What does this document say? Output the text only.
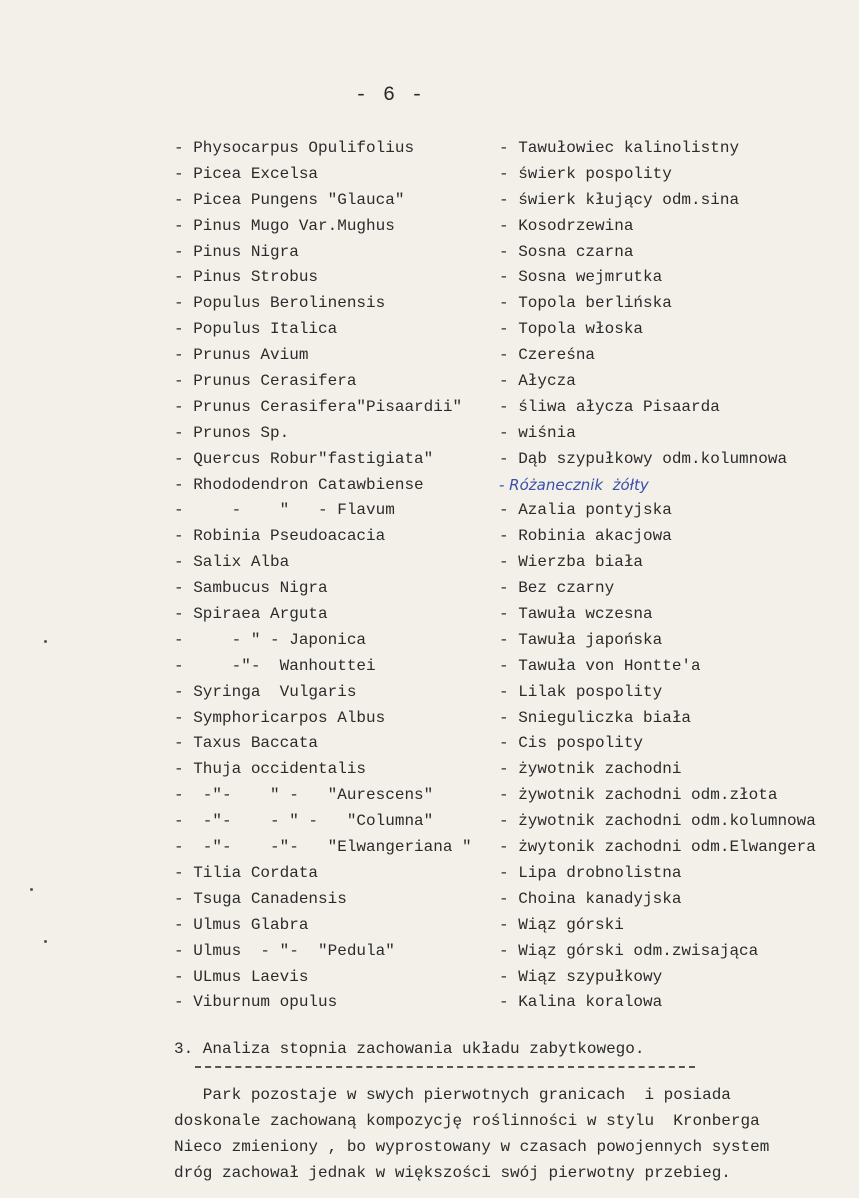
- 6 -
- Physocarpus Opulifolius	- Tawułowiec kalinolistny
- Picea Excelsa	- świerk pospolity
- Picea Pungens "Glauca"	- świerk kłujący odm.sina
- Pinus Mugo Var.Mughus	- Kosodrzewina
- Pinus Nigra	- Sosna czarna
- Pinus Strobus	- Sosna wejmrutka
- Populus Berolinensis	- Topola berlińska
- Populus Italica	- Topola włoska
- Prunus Avium	- Czereśna
- Prunus Cerasifera	- Ałycza
- Prunus Cerasifera"Pisaardii" - śliwa ałycza Pisaarda
- Prunos Sp.	- wiśnia
- Quercus Robur"fastigiata"	- Dąb szypułkowy odm.kolumnowa
- Rhododendron Catawbiense	- Różanecznik  żółty
-     -    "   - Flavum	- Azalia pontyjska
- Robinia Pseudoacacia	- Robinia akacjowa
- Salix Alba	- Wierzba biała
- Sambucus Nigra	- Bez czarny
- Spiraea Arguta	- Tawuła wczesna
-     - " - Japonica	- Tawuła japońska
-     -"-  Wanhouttei	- Tawuła von Hontte'a
- Syringa  Vulgaris	- Lilak pospolity
- Symphoricarpos Albus	- Snieguliczka biała
- Taxus Baccata	- Cis pospolity
- Thuja occidentalis	- żywotnik zachodni
-  -"-    " -   "Aurescens"	- żywotnik zachodni odm.złota
-  -"-    - " -   "Columna"	- żywotnik zachodni odm.kolumnowa
-  -"-    -"-   "Elwangeriana " - żwytonik zachodni odm.Elwangera
- Tilia Cordata	- Lipa drobnolistna
- Tsuga Canadensis	- Choina kanadyjska
- Ulmus Glabra	- Wiąz górski
- Ulmus  - "-  "Pedula"	- Wiąz górski odm.zwisająca
- ULmus Laevis	- Wiąz szypułkowy
- Viburnum opulus	- Kalina koralowa
3. Analiza stopnia zachowania układu zabytkowego.
Park pozostaje w swych pierwotnych granicach  i posiada
doskonale zachowaną kompozycję roślinności w stylu  Kronberga
Nieco zmieniony , bo wyprostowany w czasach powojennych system
dróg zachował jednak w większości swój pierwotny przebieg.
